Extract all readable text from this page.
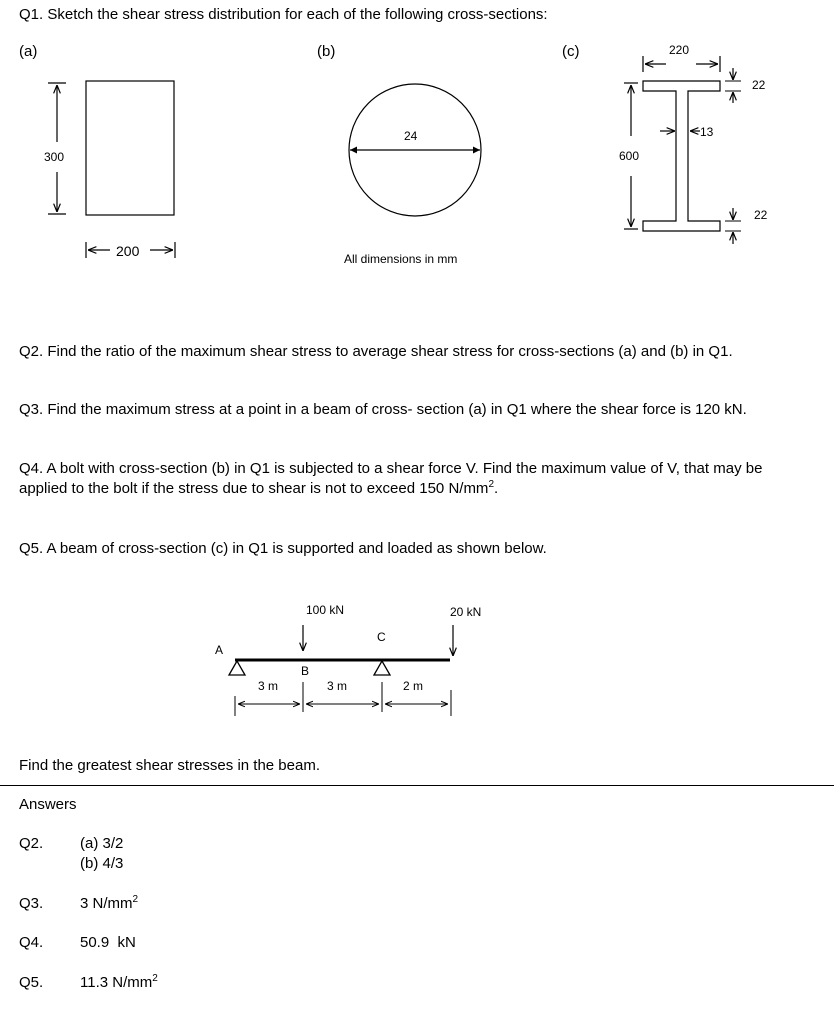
Q1. Sketch the shear stress distribution for each of the following cross-sections:
(a)	(b)	(c)
300
200
24
All dimensions in mm
220
600
13
22
22
Q2. Find the ratio of the maximum shear stress to average shear stress for cross-sections (a) and (b) in Q1.
Q3. Find the maximum stress at a point in a beam of cross- section (a) in Q1 where the shear force is 120 kN.
Q4. A bolt with cross-section (b) in Q1 is subjected to a shear force V. Find the maximum value of V, that may be applied to the bolt if the stress due to shear is not to exceed 150 $N/mm^2$.
Q5. A beam of cross-section (c) in Q1 is supported and loaded as shown below.
100 kN	20 kN
A
B
C
3 m	3 m	2 m
Find the greatest shear stresses in the beam.
Answers
Q2. (a) 3/2
(b) 4/3
Q3. 3 $N/mm^2$
Q4. 50.9  kN
Q5. 11.3 $N/mm^2$
